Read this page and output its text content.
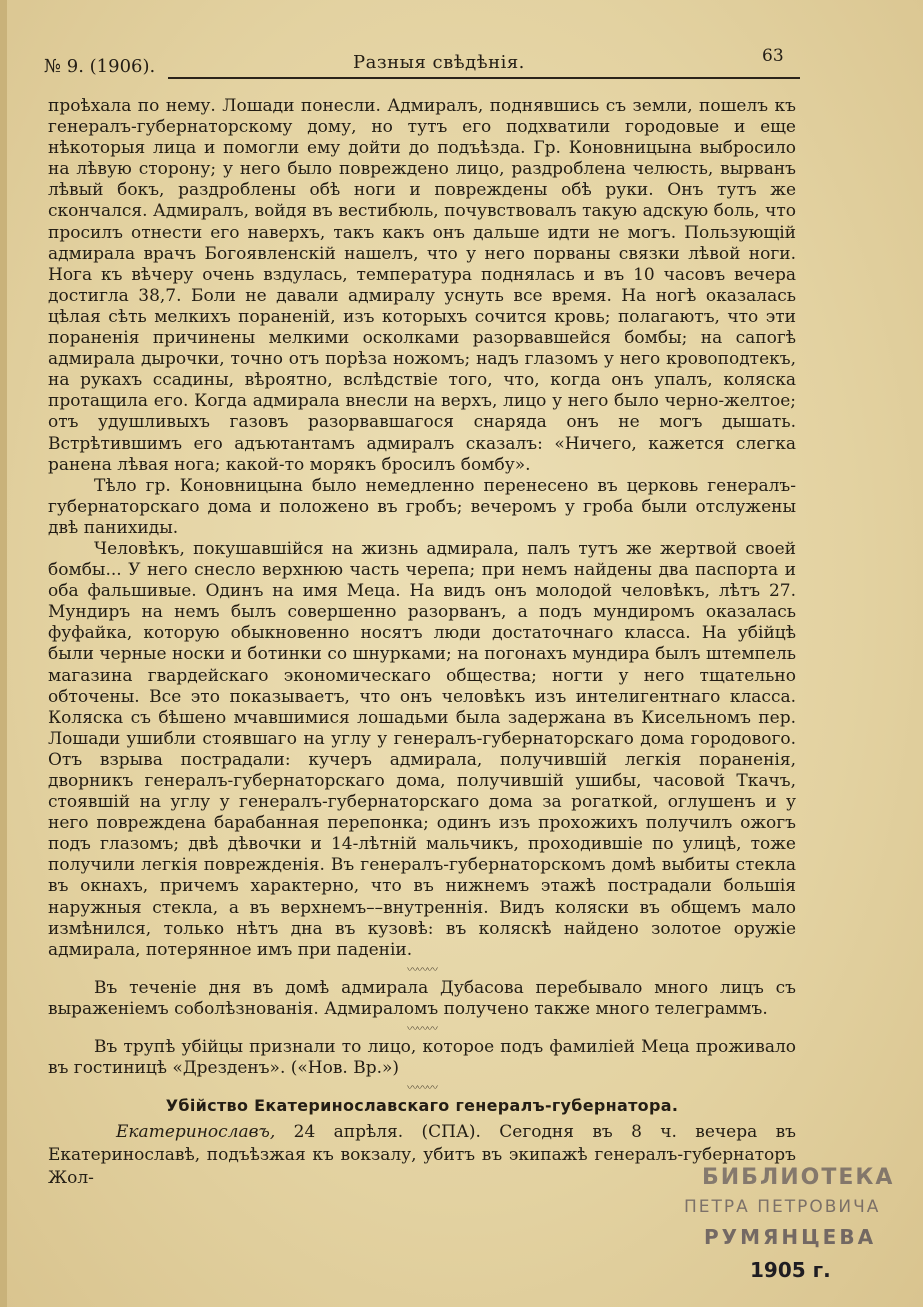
№ 9. (1906).	Разныя свѣдѣнія.	63

проѣхала по нему. Лошади понесли. Адмиралъ, поднявшись съ земли, пошелъ къ генералъ-губернаторскому дому, но тутъ его подхватили городовые и еще нѣкоторыя лица и помогли ему дойти до подъѣзда. Гр. Коновницына выбросило на лѣвую сторону; у него было повреждено лицо, раздроблена челюсть, вырванъ лѣвый бокъ, раздроблены обѣ ноги и повреждены обѣ руки. Онъ тутъ же скончался. Адмиралъ, войдя въ вестибюль, почувствовалъ такую адскую боль, что просилъ отнести его наверхъ, такъ какъ онъ дальше идти не могъ. Пользующій адмирала врачъ Богоявленскій нашелъ, что у него порваны связки лѣвой ноги. Нога къ вѣчеру очень вздулась, температура поднялась и въ 10 часовъ вечера достигла 38,7. Боли не давали адмиралу уснуть все время. На ногѣ оказалась цѣлая сѣть мелкихъ пораненій, изъ которыхъ сочится кровь; полагаютъ, что эти пораненія причинены мелкими осколками разорвавшейся бомбы; на сапогѣ адмирала дырочки, точно отъ порѣза ножомъ; надъ глазомъ у него кровоподтекъ, на рукахъ ссадины, вѣроятно, вслѣдствіе того, что, когда онъ упалъ, коляска протащила его. Когда адмирала внесли на верхъ, лицо у него было черно-желтое; отъ удушливыхъ газовъ разорвавшагося снаряда онъ не могъ дышать. Встрѣтившимъ его адъютантамъ адмиралъ сказалъ: «Ничего, кажется слегка ранена лѣвая нога; какой-то морякъ бросилъ бомбу».

Тѣло гр. Коновницына было немедленно перенесено въ церковь генералъ-губернаторскаго дома и положено въ гробъ; вечеромъ у гроба были отслужены двѣ панихиды.

Человѣкъ, покушавшійся на жизнь адмирала, палъ тутъ же жертвой своей бомбы... У него снесло верхнюю часть черепа; при немъ найдены два паспорта и оба фальшивые. Одинъ на имя Меца. На видъ онъ молодой человѣкъ, лѣтъ 27. Мундиръ на немъ былъ совершенно разорванъ, а подъ мундиромъ оказалась фуфайка, которую обыкновенно носятъ люди достаточнаго класса. На убійцѣ были черные носки и ботинки со шнурками; на погонахъ мундира былъ штемпель магазина гвардейскаго экономическаго общества; ногти у него тщательно обточены. Все это показываетъ, что онъ человѣкъ изъ интелигентнаго класса. Коляска съ бѣшено мчавшимися лошадьми была задержана въ Кисельномъ пер. Лошади ушибли стоявшаго на углу у генералъ-губернаторскаго дома городового. Отъ взрыва пострадали: кучеръ адмирала, получившій легкія пораненія, дворникъ генералъ-губернаторскаго дома, получившій ушибы, часовой Ткачъ, стоявшій на углу у генералъ-губернаторскаго дома за рогаткой, оглушенъ и у него повреждена барабанная перепонка; одинъ изъ прохожихъ получилъ ожогъ подъ глазомъ; двѣ дѣвочки и 14-лѣтній мальчикъ, проходившіе по улицѣ, тоже получили легкія поврежденія. Въ генералъ-губернаторскомъ домѣ выбиты стекла въ окнахъ, причемъ характерно, что въ нижнемъ этажѣ пострадали большія наружныя стекла, а въ верхнемъ––внутреннія. Видъ коляски въ общемъ мало измѣнился, только нѣтъ дна въ кузовѣ: въ коляскѣ найдено золотое оружіе адмирала, потерянное имъ при паденіи.

〰〰〰

Въ теченіе дня въ домѣ адмирала Дубасова перебывало много лицъ съ выраженіемъ соболѣзнованія. Адмираломъ получено также много телеграммъ.

〰〰〰

Въ трупѣ убійцы признали то лицо, которое подъ фамиліей Меца проживало въ гостиницѣ «Дрезденъ». («Нов. Вр.»)

〰〰〰
Убійство Екатеринославскаго генералъ-губернатора.

Екатеринославъ, 24 апрѣля. (СПА). Сегодня въ 8 ч. вечера въ Екатеринославѣ, подъѣзжая къ вокзалу, убитъ въ экипажѣ генералъ-губернаторъ Жол-	БИБЛИОТЕКА
ПЕТРА ПЕТРОВИЧА
РУМЯНЦЕВА
1905 г.
